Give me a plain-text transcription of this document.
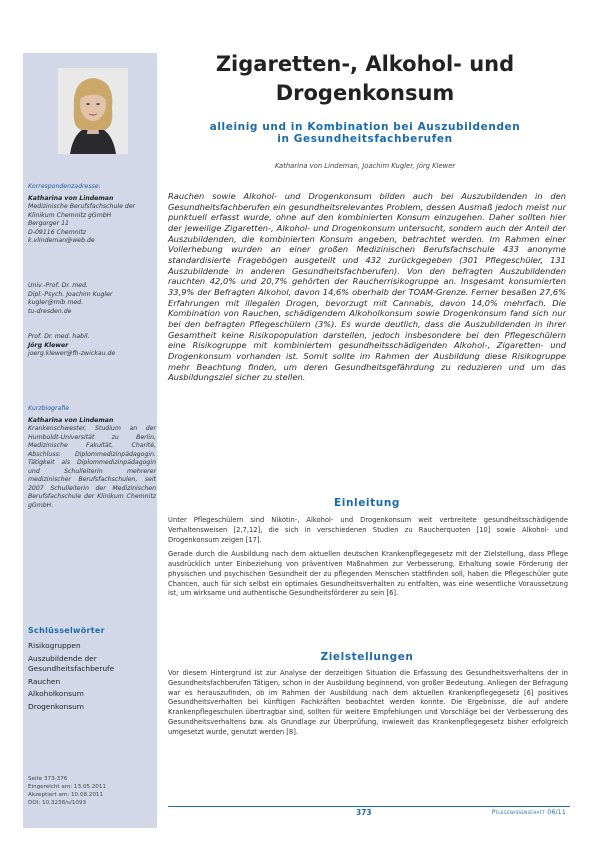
Korrespondenzadresse:
Katharina von Lindeman
Medizinische Berufsfachschule der Klinikum Chemnitz gGmbH
Bergorger 11
D-09116 Chemnitz
k.vlindeman@web.de
Univ.-Prof. Dr. med.
Dipl.-Psych. Joachim Kugler
kugler@mib med.
tu-dresden.de
Prof. Dr. med. habil.
Jörg Klewer
joerg.klewer@fh-zwickau.de
Kurzbiografie
Katharina von Lindeman
Krankenschwester, Studium an der Humboldt-Universität zu Berlin, Medizinische Fakultät, Charité, Abschluss: Diplommedizinpädagogin. Tätigkeit als Diplommedizinpädagogin und Schulleiterin mehrerer medizinischer Berufsfachschulen, seit 2007 Schulleiterin der Medizinischen Berufsfachschule der Klinikum Chemnitz gGmbH.
Schlüsselwörter
Risikogruppen
Auszubildende der Gesundheitsfachberufe
Rauchen
Alkoholkonsum
Drogenkonsum
Seite 373-376
Eingereicht am: 13.05.2011
Akzeptiert am: 10.08.2011
DOI: 10.3238/s/1093
Zigaretten-, Alkohol- und
Drogenkonsum
alleinig und in Kombination bei Auszubildenden
in Gesundheitsfachberufen
Katharina von Lindeman, Joachim Kugler, Jörg Klewer
Rauchen sowie Alkohol- und Drogenkonsum bilden auch bei Auszubildenden in den Gesundheitsfachberufen ein gesundheitsrelevantes Problem, dessen Ausmaß jedoch meist nur punktuell erfasst wurde, ohne auf den kombinierten Konsum einzugehen. Daher sollten hier der jeweilige Zigaretten-, Alkohol- und Drogenkonsum untersucht, sondern auch der Anteil der Auszubildenden, die kombinierten Konsum angeben, betrachtet werden. Im Rahmen einer Vollerhebung wurden an einer großen Medizinischen Berufsfachschule 433 anonyme standardisierte Fragebögen ausgeteilt und 432 zurückgegeben (301 Pflegeschüler, 131 Auszubildende in anderen Gesundheitsfachberufen). Von den befragten Auszubildenden rauchten 42,0% und 20,7% gehörten der Raucherrisikogruppe an. Insgesamt konsumierten 33,9% der Befragten Alkohol, davon 14,6% oberhalb der TOAM-Grenze. Ferner besaßen 27,6% Erfahrungen mit illegalen Drogen, bevorzugt mit Cannabis, davon 14,0% mehrfach. Die Kombination von Rauchen, schädigendem Alkoholkonsum sowie Drogenkonsum fand sich nur bei den befragten Pflegeschülern (3%). Es wurde deutlich, dass die Auszubildenden in ihrer Gesamtheit keine Risikopopulation darstellen, jedoch insbesondere bei den Pflegeschülern eine Risikogruppe mit kombiniertem gesundheitsschädigenden Alkohol-, Zigaretten- und Drogenkonsum vorhanden ist. Somit sollte im Rahmen der Ausbildung diese Risikogruppe mehr Beachtung finden, um deren Gesundheitsgefährdung zu reduzieren und um das Ausbildungsziel sicher zu stellen.
Einleitung

Unter Pflegeschülern sind Nikotin-, Alkohol- und Drogenkonsum weit verbreitete gesundheitsschädigende Verhaltensweisen [2,7,12], die sich in verschiedenen Studien zu Raucherquoten [10] sowie Alkohol- und Drogenkonsum zeigen [17].

Gerade durch die Ausbildung nach dem aktuellen deutschen Krankenpflegegesetz mit der Zielstellung, dass Pflege ausdrücklich unter Einbeziehung von präventiven Maßnahmen zur Verbesserung, Erhaltung sowie Förderung der physischen und psychischen Gesundheit der zu pflegenden Menschen stattfinden soll, haben die Pflegeschüler gute Chancen, auch für sich selbst ein optimales Gesundheitsverhalten zu entfalten, was eine wesentliche Voraussetzung ist, um wirksame und authentische Gesundheitsförderer zu sein [6].

Zielstellungen

Vor diesem Hintergrund ist zur Analyse der derzeitigen Situation die Erfassung des Gesundheitsverhaltens der in Gesundheitsfachberufen Tätigen, schon in der Ausbildung beginnend, von großer Bedeutung. Anliegen der Befragung war es herauszufinden, ob im Rahmen der Ausbildung nach dem aktuellen Krankenpflegegesetz [6] positives Gesundheitsverhalten bei künftigen Fachkräften beobachtet werden konnte. Die Ergebnisse, die auf andere Krankenpflegeschulen übertragbar sind, sollten für weitere Empfehlungen und Vorschläge bei der Verbesserung des Gesundheitsverhaltens bzw. als Grundlage zur Überprüfung, inwieweit das Krankenpflegegesetz bisher erfolgreich umgesetzt wurde, genutzt werden [8].

373	Pflegewissenschaft 06/11
